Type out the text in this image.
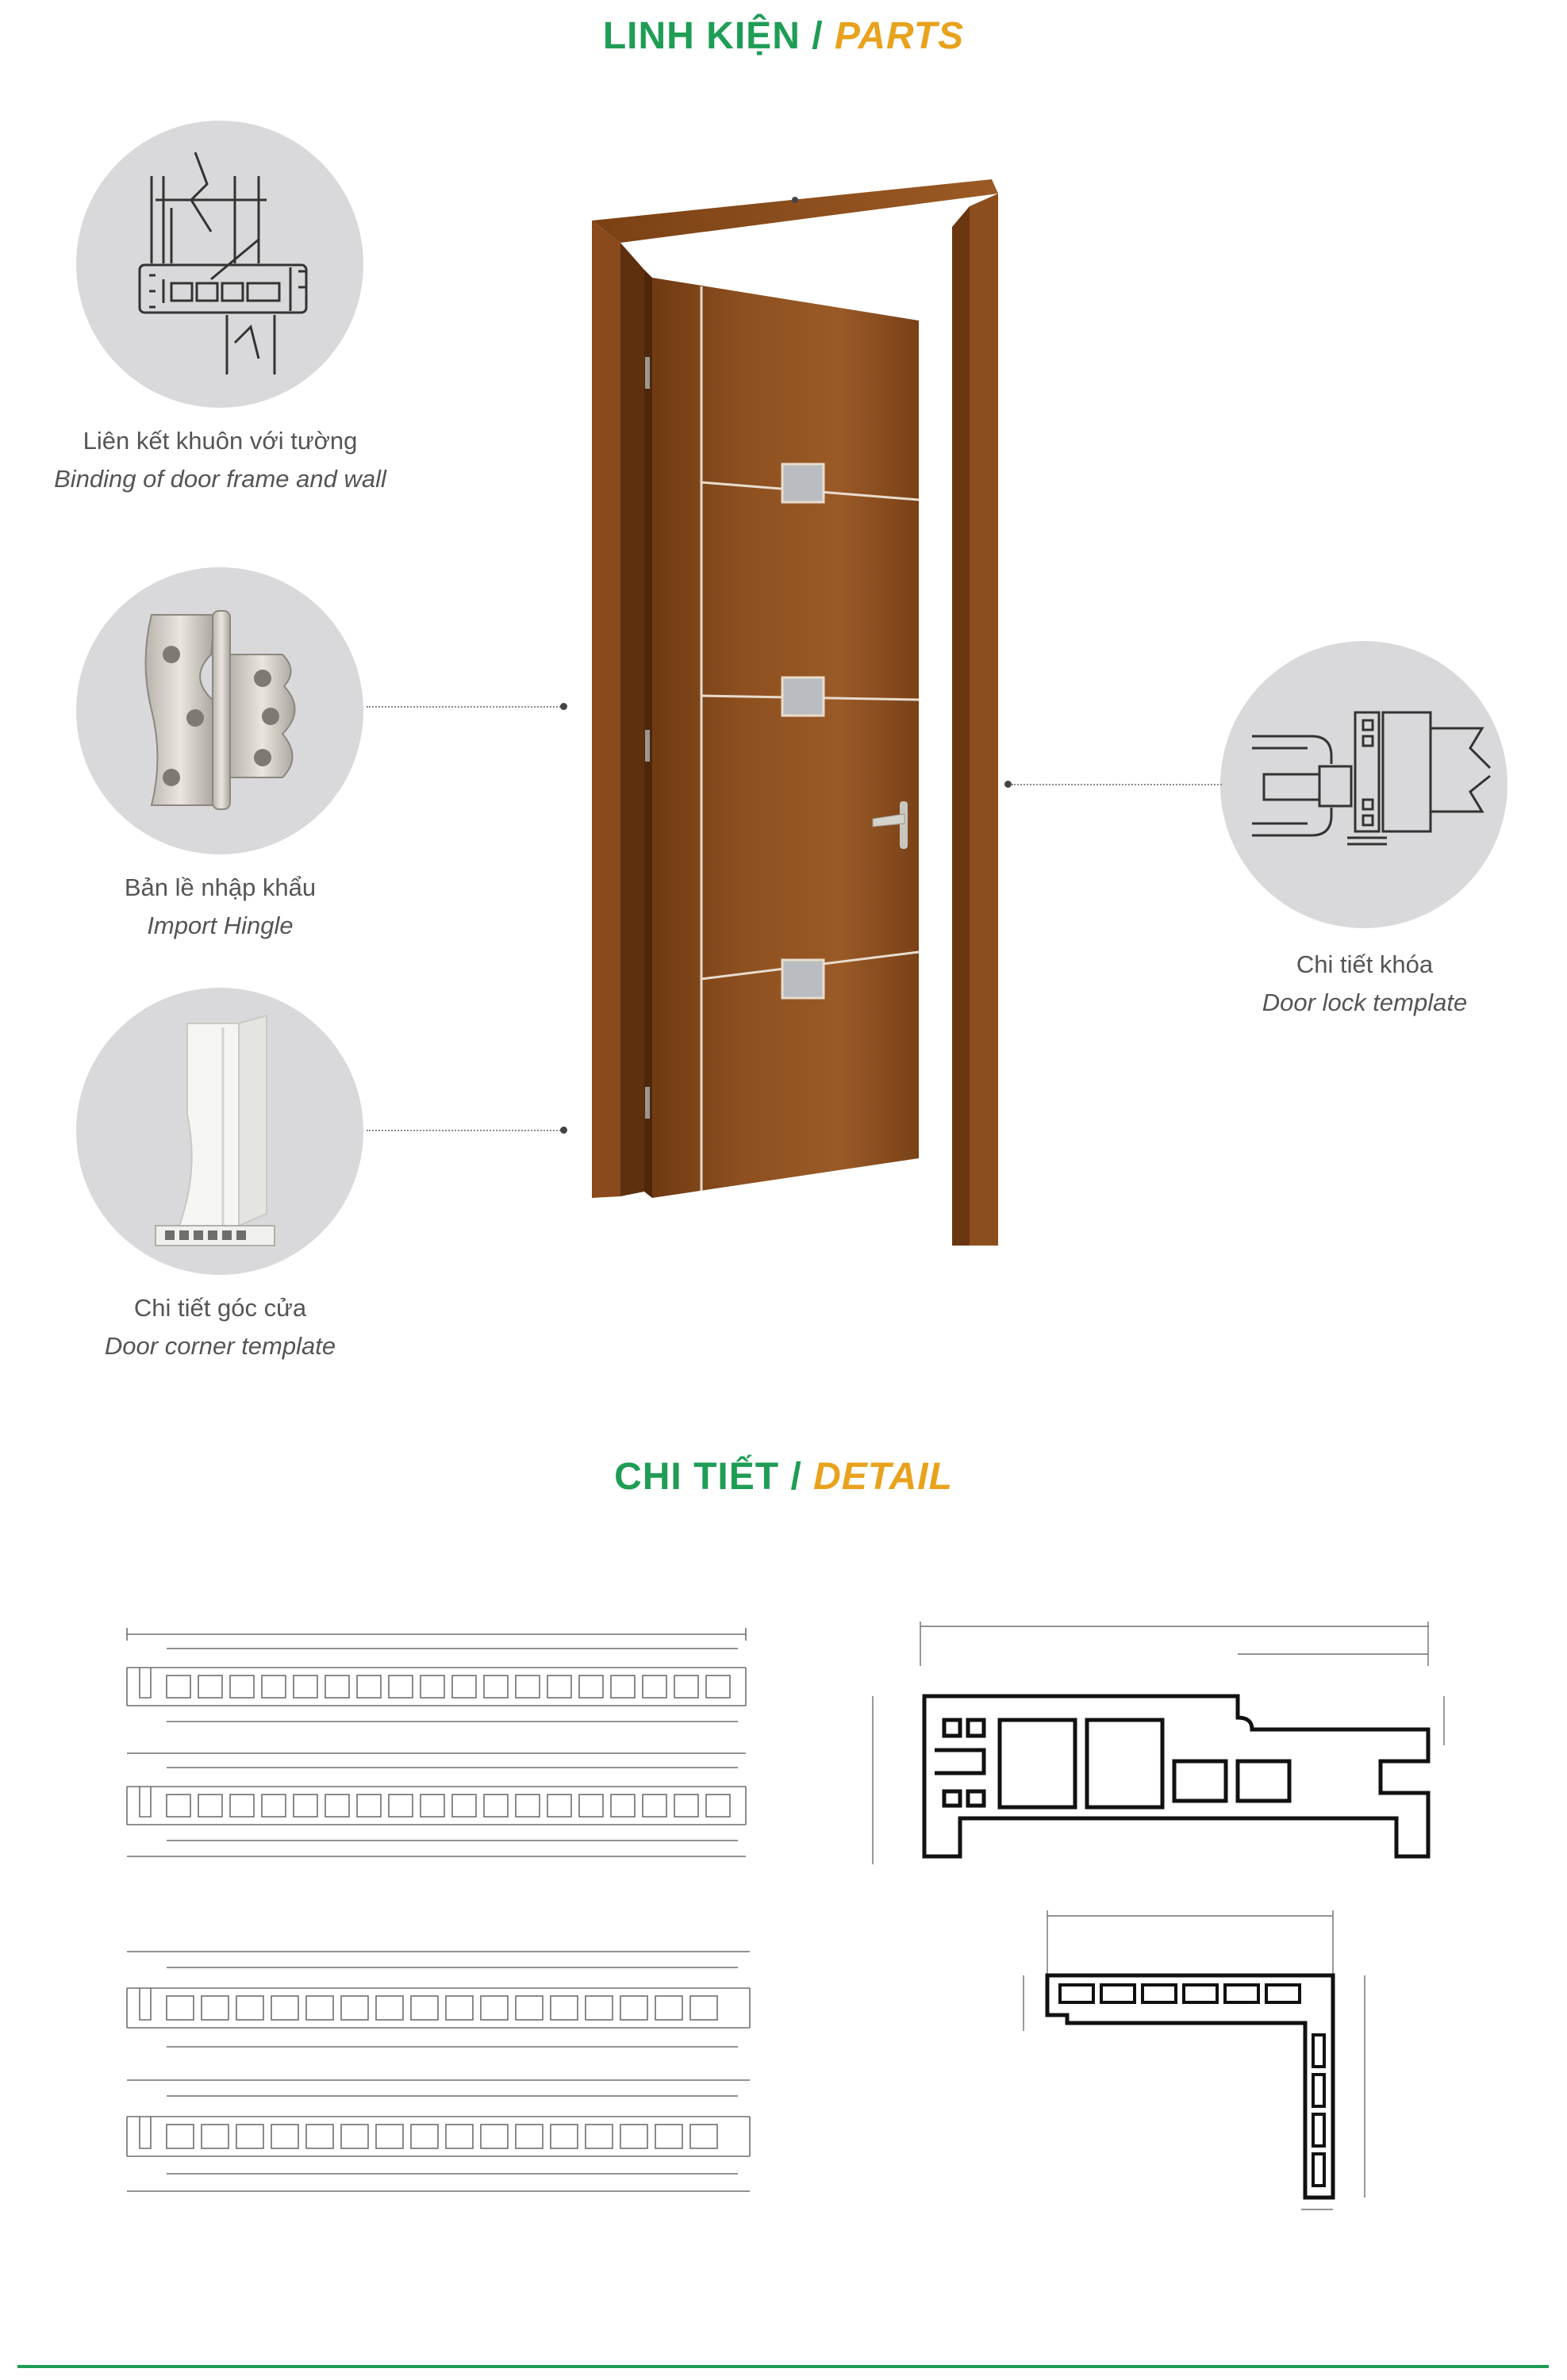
LINH KIỆN / PARTS
Liên kết khuôn với tường
Binding of door frame and wall
Bản lề nhập khẩu
Import Hingle
Chi tiết góc cửa
Door corner template
Chi tiết khóa
Door lock template
CHI TIẾT / DETAIL
